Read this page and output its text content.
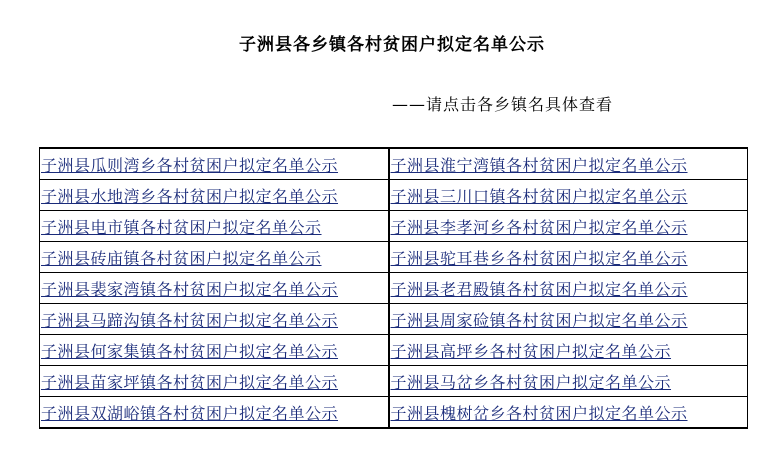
子洲县各乡镇各村贫困户拟定名单公示
——请点击各乡镇名具体查看
子洲县瓜则湾乡各村贫困户拟定名单公示	子洲县淮宁湾镇各村贫困户拟定名单公示
子洲县水地湾乡各村贫困户拟定名单公示	子洲县三川口镇各村贫困户拟定名单公示
子洲县电市镇各村贫困户拟定名单公示	子洲县李孝河乡各村贫困户拟定名单公示
子洲县砖庙镇各村贫困户拟定名单公示	子洲县驼耳巷乡各村贫困户拟定名单公示
子洲县裴家湾镇各村贫困户拟定名单公示	子洲县老君殿镇各村贫困户拟定名单公示
子洲县马蹄沟镇各村贫困户拟定名单公示	子洲县周家硷镇各村贫困户拟定名单公示
子洲县何家集镇各村贫困户拟定名单公示	子洲县高坪乡各村贫困户拟定名单公示
子洲县苗家坪镇各村贫困户拟定名单公示	子洲县马岔乡各村贫困户拟定名单公示
子洲县双湖峪镇各村贫困户拟定名单公示	子洲县槐树岔乡各村贫困户拟定名单公示
